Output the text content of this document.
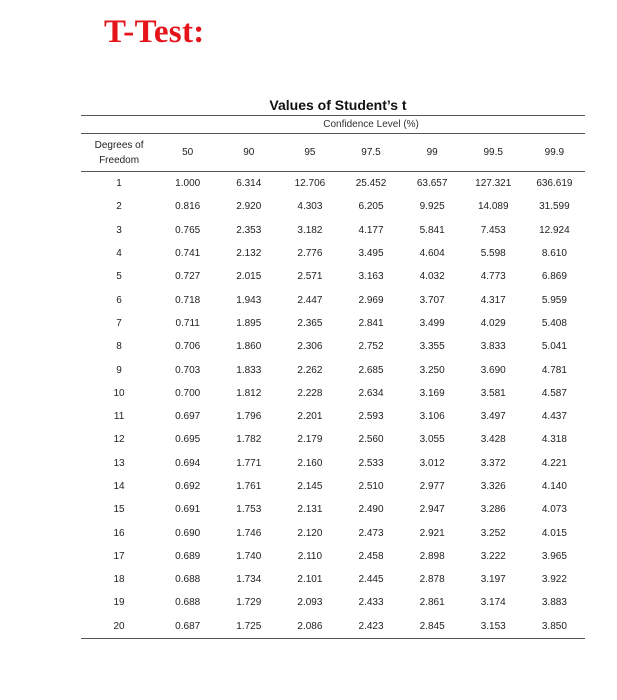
T-Test:
Values of Student’s t
	Confidence Level (%)						

Degrees of
Freedom	50	90	95	97.5	99	99.5	99.9
1	1.000	6.314	12.706	25.452	63.657	127.321	636.619
2	0.816	2.920	4.303	6.205	9.925	14.089	31.599
3	0.765	2.353	3.182	4.177	5.841	7.453	12.924
4	0.741	2.132	2.776	3.495	4.604	5.598	8.610
5	0.727	2.015	2.571	3.163	4.032	4.773	6.869
6	0.718	1.943	2.447	2.969	3.707	4.317	5.959
7	0.711	1.895	2.365	2.841	3.499	4.029	5.408
8	0.706	1.860	2.306	2.752	3.355	3.833	5.041
9	0.703	1.833	2.262	2.685	3.250	3.690	4.781
10	0.700	1.812	2.228	2.634	3.169	3.581	4.587
11	0.697	1.796	2.201	2.593	3.106	3.497	4.437
12	0.695	1.782	2.179	2.560	3.055	3.428	4.318
13	0.694	1.771	2.160	2.533	3.012	3.372	4.221
14	0.692	1.761	2.145	2.510	2.977	3.326	4.140
15	0.691	1.753	2.131	2.490	2.947	3.286	4.073
16	0.690	1.746	2.120	2.473	2.921	3.252	4.015
17	0.689	1.740	2.110	2.458	2.898	3.222	3.965
18	0.688	1.734	2.101	2.445	2.878	3.197	3.922
19	0.688	1.729	2.093	2.433	2.861	3.174	3.883
20	0.687	1.725	2.086	2.423	2.845	3.153	3.850
